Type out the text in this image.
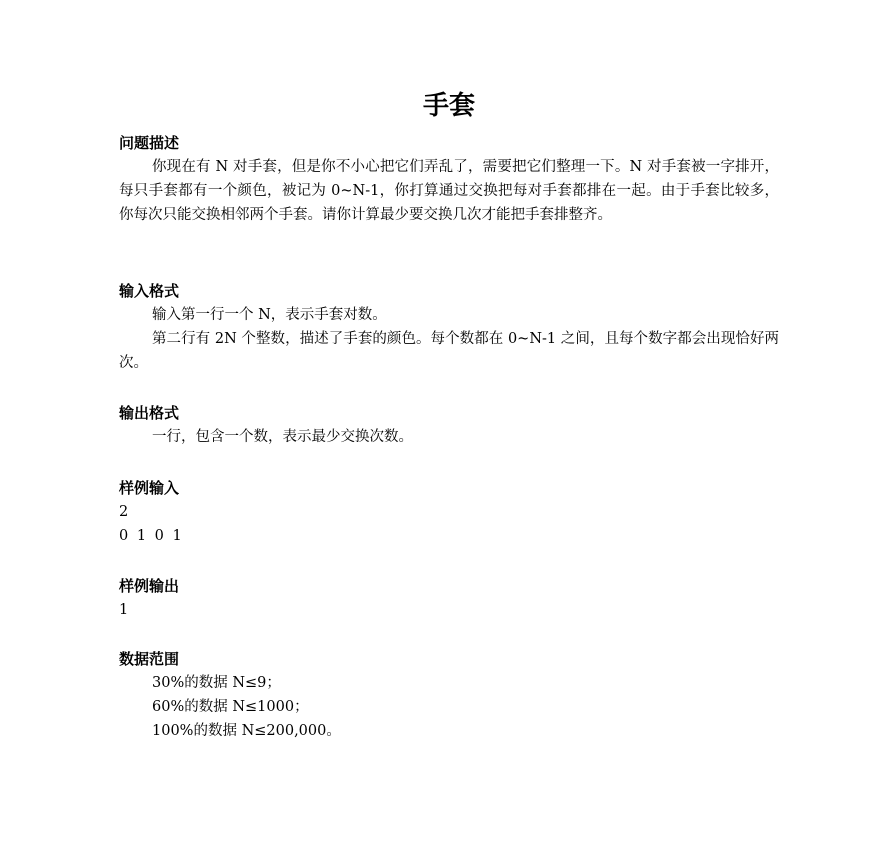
手套

问题描述

你现在有 N 对手套，但是你不小心把它们弄乱了，需要把它们整理一下。N 对手套被一字排开，每只手套都有一个颜色，被记为 0~N-1，你打算通过交换把每对手套都排在一起。由于手套比较多，你每次只能交换相邻两个手套。请你计算最少要交换几次才能把手套排整齐。

输入格式

输入第一行一个 N，表示手套对数。

第二行有 2N 个整数，描述了手套的颜色。每个数都在 0~N-1 之间，且每个数字都会出现恰好两次。

输出格式

一行，包含一个数，表示最少交换次数。

样例输入

2

0 1 0 1

样例输出

1

数据范围

30%的数据 N≤9；

60%的数据 N≤1000；

100%的数据 N≤200,000。
